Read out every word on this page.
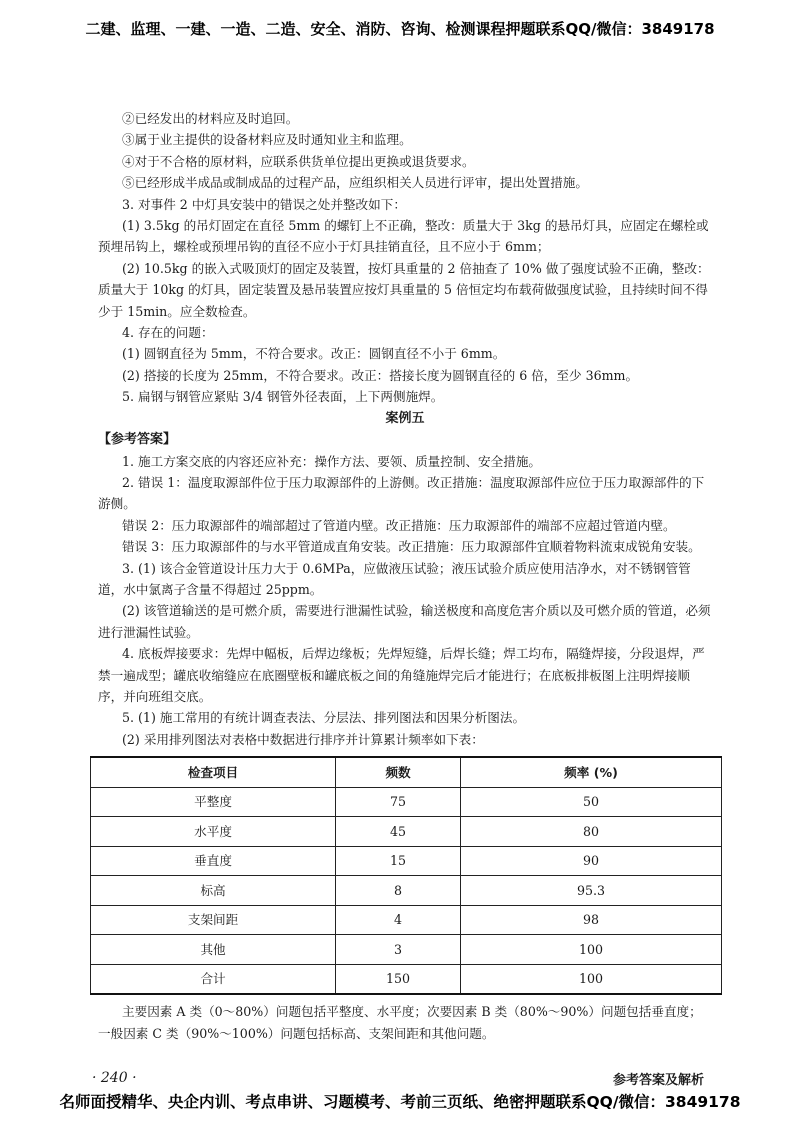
二建、监理、一建、一造、二造、安全、消防、咨询、检测课程押题联系QQ/微信：3849178

②已经发出的材料应及时追回。

③属于业主提供的设备材料应及时通知业主和监理。

④对于不合格的原材料，应联系供货单位提出更换或退货要求。

⑤已经形成半成品或制成品的过程产品，应组织相关人员进行评审，提出处置措施。

3. 对事件 2 中灯具安装中的错误之处并整改如下：

(1) 3.5kg 的吊灯固定在直径 5mm 的螺钉上不正确，整改：质量大于 3kg 的悬吊灯具，应固定在螺栓或预埋吊钩上，螺栓或预埋吊钩的直径不应小于灯具挂销直径，且不应小于 6mm；

(2) 10.5kg 的嵌入式吸顶灯的固定及装置，按灯具重量的 2 倍抽查了 10% 做了强度试验不正确，整改：质量大于 10kg 的灯具，固定装置及悬吊装置应按灯具重量的 5 倍恒定均布载荷做强度试验，且持续时间不得少于 15min。应全数检查。

4. 存在的问题：

(1) 圆钢直径为 5mm，不符合要求。改正：圆钢直径不小于 6mm。

(2) 搭接的长度为 25mm，不符合要求。改正：搭接长度为圆钢直径的 6 倍，至少 36mm。

5. 扁钢与钢管应紧贴 3/4 钢管外径表面，上下两侧施焊。

案例五

【参考答案】

1. 施工方案交底的内容还应补充：操作方法、要领、质量控制、安全措施。

2. 错误 1：温度取源部件位于压力取源部件的上游侧。改正措施：温度取源部件应位于压力取源部件的下游侧。

错误 2：压力取源部件的端部超过了管道内壁。改正措施：压力取源部件的端部不应超过管道内壁。

错误 3：压力取源部件的与水平管道成直角安装。改正措施：压力取源部件宜顺着物料流束成锐角安装。

3. (1) 该合金管道设计压力大于 0.6MPa，应做液压试验；液压试验介质应使用洁净水，对不锈钢管管道，水中氯离子含量不得超过 25ppm。

(2) 该管道输送的是可燃介质，需要进行泄漏性试验，输送极度和高度危害介质以及可燃介质的管道，必须进行泄漏性试验。

4. 底板焊接要求：先焊中幅板，后焊边缘板；先焊短缝，后焊长缝；焊工均布，隔缝焊接，分段退焊，严禁一遍成型；罐底收缩缝应在底圈壁板和罐底板之间的角缝施焊完后才能进行；在底板排板图上注明焊接顺序，并向班组交底。

5. (1) 施工常用的有统计调查表法、分层法、排列图法和因果分析图法。

(2) 采用排列图法对表格中数据进行排序并计算累计频率如下表：

检查项目	频数	频率 (%)
平整度	75	50
水平度	45	80
垂直度	15	90
标高	8	95.3
支架间距	4	98
其他	3	100
合计	150	100

主要因素 A 类（0～80%）问题包括平整度、水平度；次要因素 B 类（80%～90%）问题包括垂直度；一般因素 C 类（90%～100%）问题包括标高、支架间距和其他问题。

· 240 ·	参考答案及解析
名师面授精华、央企内训、考点串讲、习题模考、考前三页纸、绝密押题联系QQ/微信：3849178
